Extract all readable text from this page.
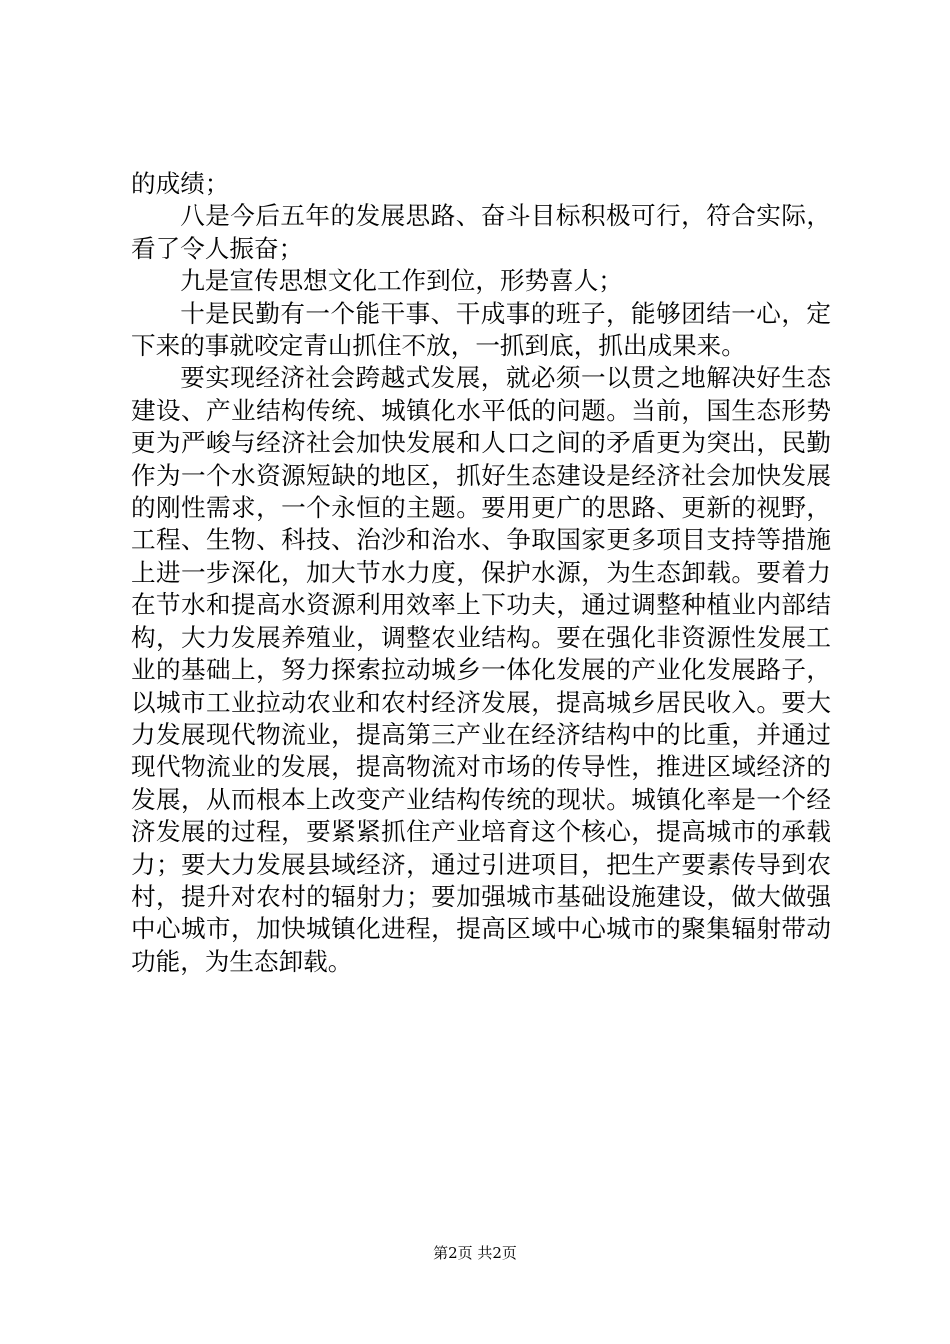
的成绩；

八是今后五年的发展思路、奋斗目标积极可行，符合实际，看了令人振奋；

九是宣传思想文化工作到位，形势喜人；

十是民勤有一个能干事、干成事的班子，能够团结一心，定下来的事就咬定青山抓住不放，一抓到底，抓出成果来。

要实现经济社会跨越式发展，就必须一以贯之地解决好生态建设、产业结构传统、城镇化水平低的问题。当前，国生态形势更为严峻与经济社会加快发展和人口之间的矛盾更为突出，民勤作为一个水资源短缺的地区，抓好生态建设是经济社会加快发展的刚性需求，一个永恒的主题。要用更广的思路、更新的视野，工程、生物、科技、治沙和治水、争取国家更多项目支持等措施上进一步深化，加大节水力度，保护水源，为生态卸载。要着力在节水和提高水资源利用效率上下功夫，通过调整种植业内部结构，大力发展养殖业，调整农业结构。要在强化非资源性发展工业的基础上，努力探索拉动城乡一体化发展的产业化发展路子，以城市工业拉动农业和农村经济发展，提高城乡居民收入。要大力发展现代物流业，提高第三产业在经济结构中的比重，并通过现代物流业的发展，提高物流对市场的传导性，推进区域经济的发展，从而根本上改变产业结构传统的现状。城镇化率是一个经济发展的过程，要紧紧抓住产业培育这个核心，提高城市的承载力；要大力发展县域经济，通过引进项目，把生产要素传导到农村，提升对农村的辐射力；要加强城市基础设施建设，做大做强中心城市，加快城镇化进程，提高区域中心城市的聚集辐射带动功能，为生态卸载。

第2页 共2页
